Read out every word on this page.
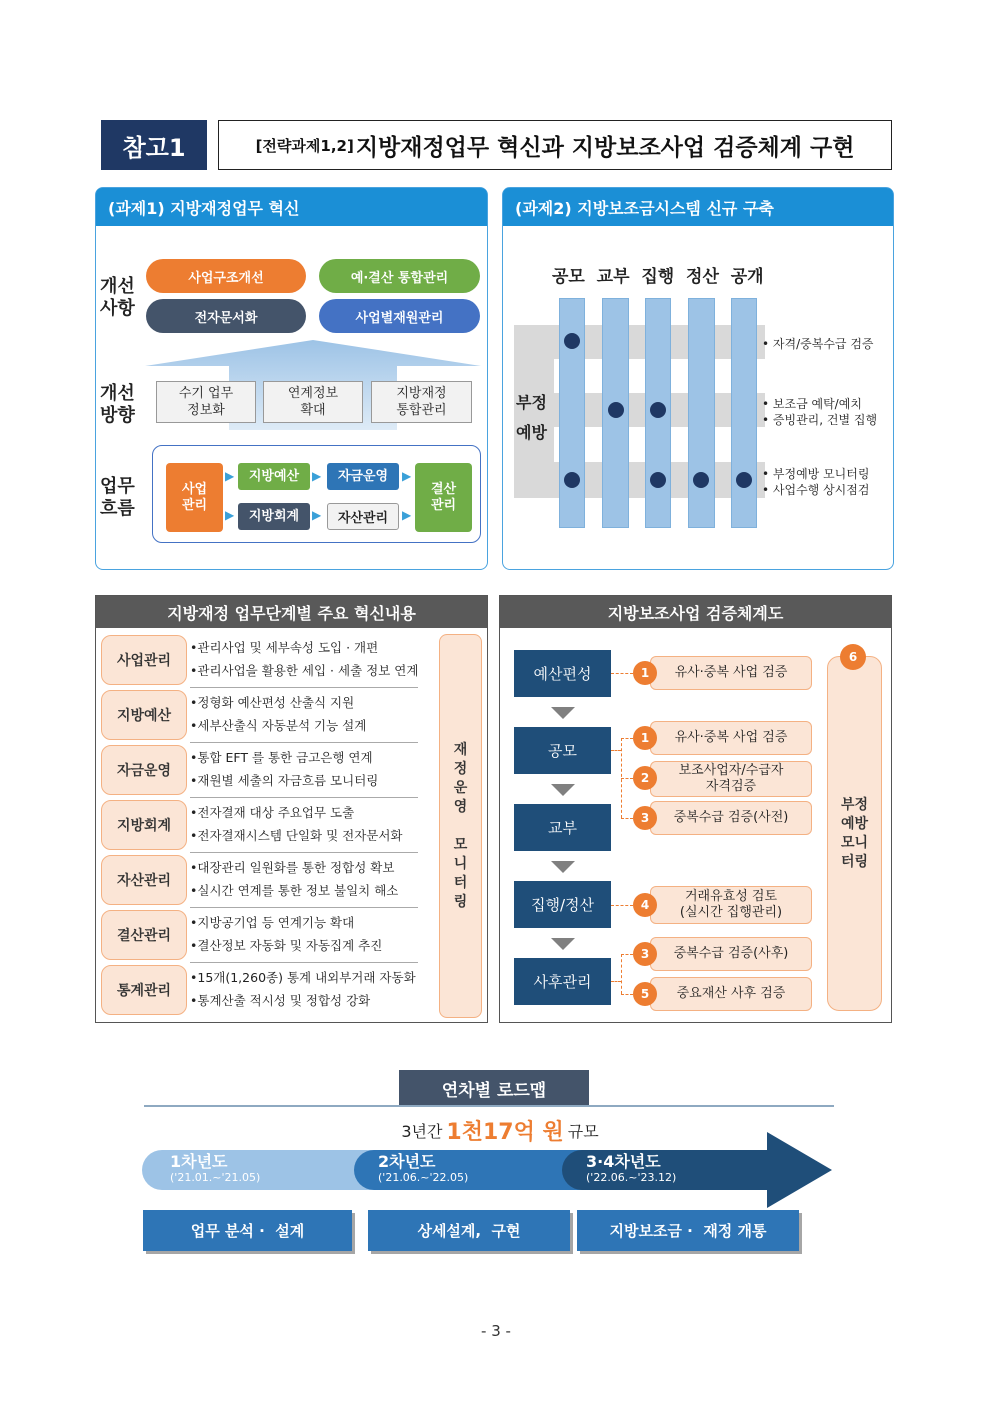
참고1	[전략과제1,2] 지방재정업무 혁신과 지방보조사업 검증체계 구현
(과제1) 지방재정업무 혁신
개선
사항
사업구조개선	예·결산 통합관리
전자문서화	사업별재원관리
개선
방향
수기 업무
정보화
연계정보
확대
지방재정
통합관리
업무
흐름
사업
관리
▶
▶
지방예산	▶	자금운영	▶
지방회계	▶	자산관리	▶
결산
관리
(과제2) 지방보조금시스템 신규 구축
공모  교부  집행  정산  공개
부정
예방
• 자격/중복수급 검증
• 보조금 예탁/예치
• 증빙관리, 건별 집행
• 부정예방 모니터링
• 사업수행 상시점검
지방재정 업무단계별 주요 혁신내용
사업관리
•관리사업 및 세부속성 도입 · 개편
•관리사업을 활용한 세입 · 세출 정보 연계
지방예산
•정형화 예산편성 산출식 지원
•세부산출식 자동분석 기능 설계
자금운영
•통합 EFT 를 통한 금고은행 연계
•재원별 세출의 자금흐름 모니터링
지방회계
•전자결재 대상 주요업무 도출
•전자결재시스템 단일화 및 전자문서화
자산관리
•대장관리 일원화를 통한 정합성 확보
•실시간 연계를 통한 정보 불일치 해소
결산관리
•지방공기업 등 연계기능 확대
•결산정보 자동화 및 자동집계 추진
통계관리
•15개(1,260종) 통계 내외부거래 자동화
•통계산출 적시성 및 정합성 강화
재
정
운
영
모
니
터
링
지방보조사업 검증체계도
예산편성
공모
교부
집행/정산
사후관리
유사·중복 사업 검증
1
유사·중복 사업 검증
1
보조사업자/수급자
자격검증
2
중복수급 검증(사전)
3
거래유효성 검토
(실시간 집행관리)
4
중복수급 검증(사후)
3
중요재산 사후 검증
5
부정
예방
모니
터링
6
연차별 로드맵
3년간 1천17억 원 규모
1차년도
('21.01.~'21.05)
2차년도
('21.06.~'22.05)
3·4차년도
('22.06.~'23.12)
업무 분석 ·  설계	상세설계,  구현	지방보조금 ·  재정 개통
- 3 -
